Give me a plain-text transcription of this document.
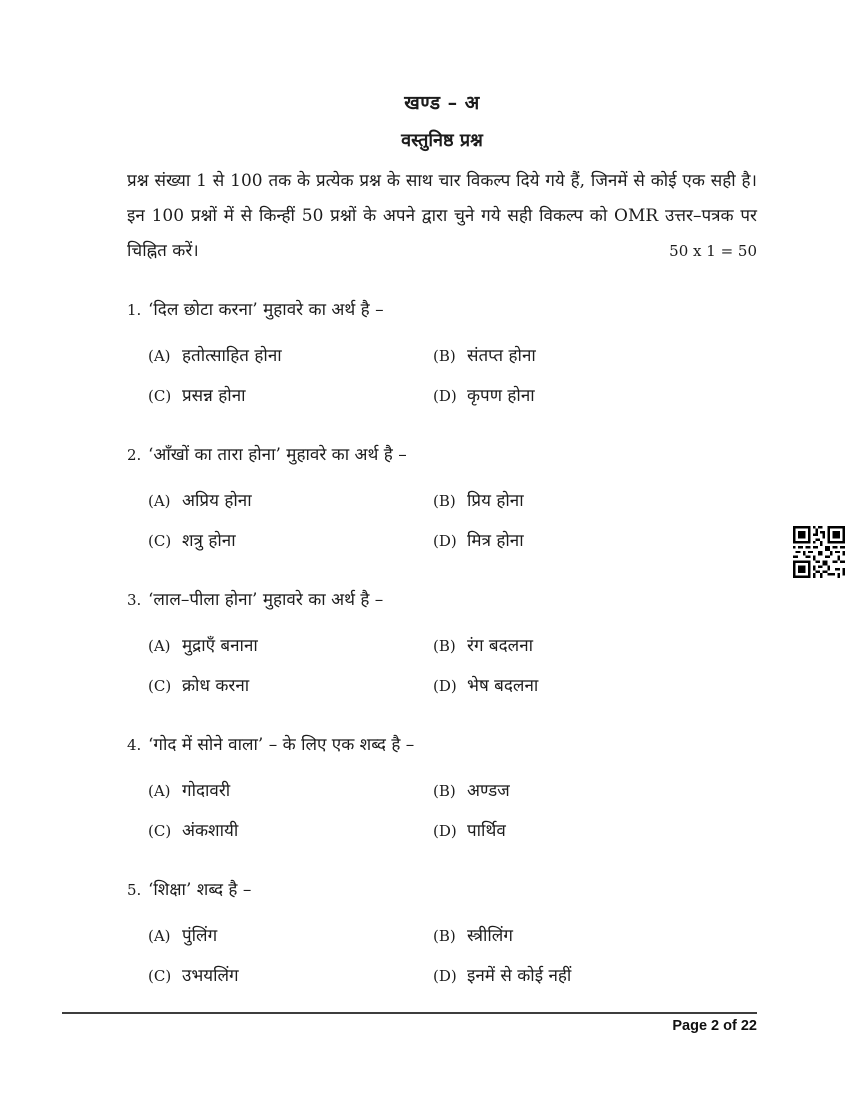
खण्ड – अ
वस्तुनिष्ठ प्रश्न
प्रश्न संख्या 1 से 100 तक के प्रत्येक प्रश्न के साथ चार विकल्प दिये गये हैं, जिनमें से कोई एक सही है। इन 100 प्रश्नों में से किन्हीं 50 प्रश्नों के अपने द्वारा चुने गये सही विकल्प को OMR उत्तर–पत्रक पर चिह्नित करें।	50 x 1 = 50
1. ‘दिल छोटा करना’ मुहावरे का अर्थ है –
(A) हतोत्साहित होना	(B) संतप्त होना
(C) प्रसन्न होना	(D) कृपण होना
2. ‘आँखों का तारा होना’ मुहावरे का अर्थ है –
(A) अप्रिय होना	(B) प्रिय होना
(C) शत्रु होना	(D) मित्र होना
3. ‘लाल–पीला होना’ मुहावरे का अर्थ है –
(A) मुद्राएँ बनाना	(B) रंग बदलना
(C) क्रोध करना	(D) भेष बदलना
4. ‘गोद में सोने वाला’ – के लिए एक शब्द है –
(A) गोदावरी	(B) अण्डज
(C) अंकशायी	(D) पार्थिव
5. ‘शिक्षा’ शब्द है –
(A) पुंलिंग	(B) स्त्रीलिंग
(C) उभयलिंग	(D) इनमें से कोई नहीं
Page 2 of 22
